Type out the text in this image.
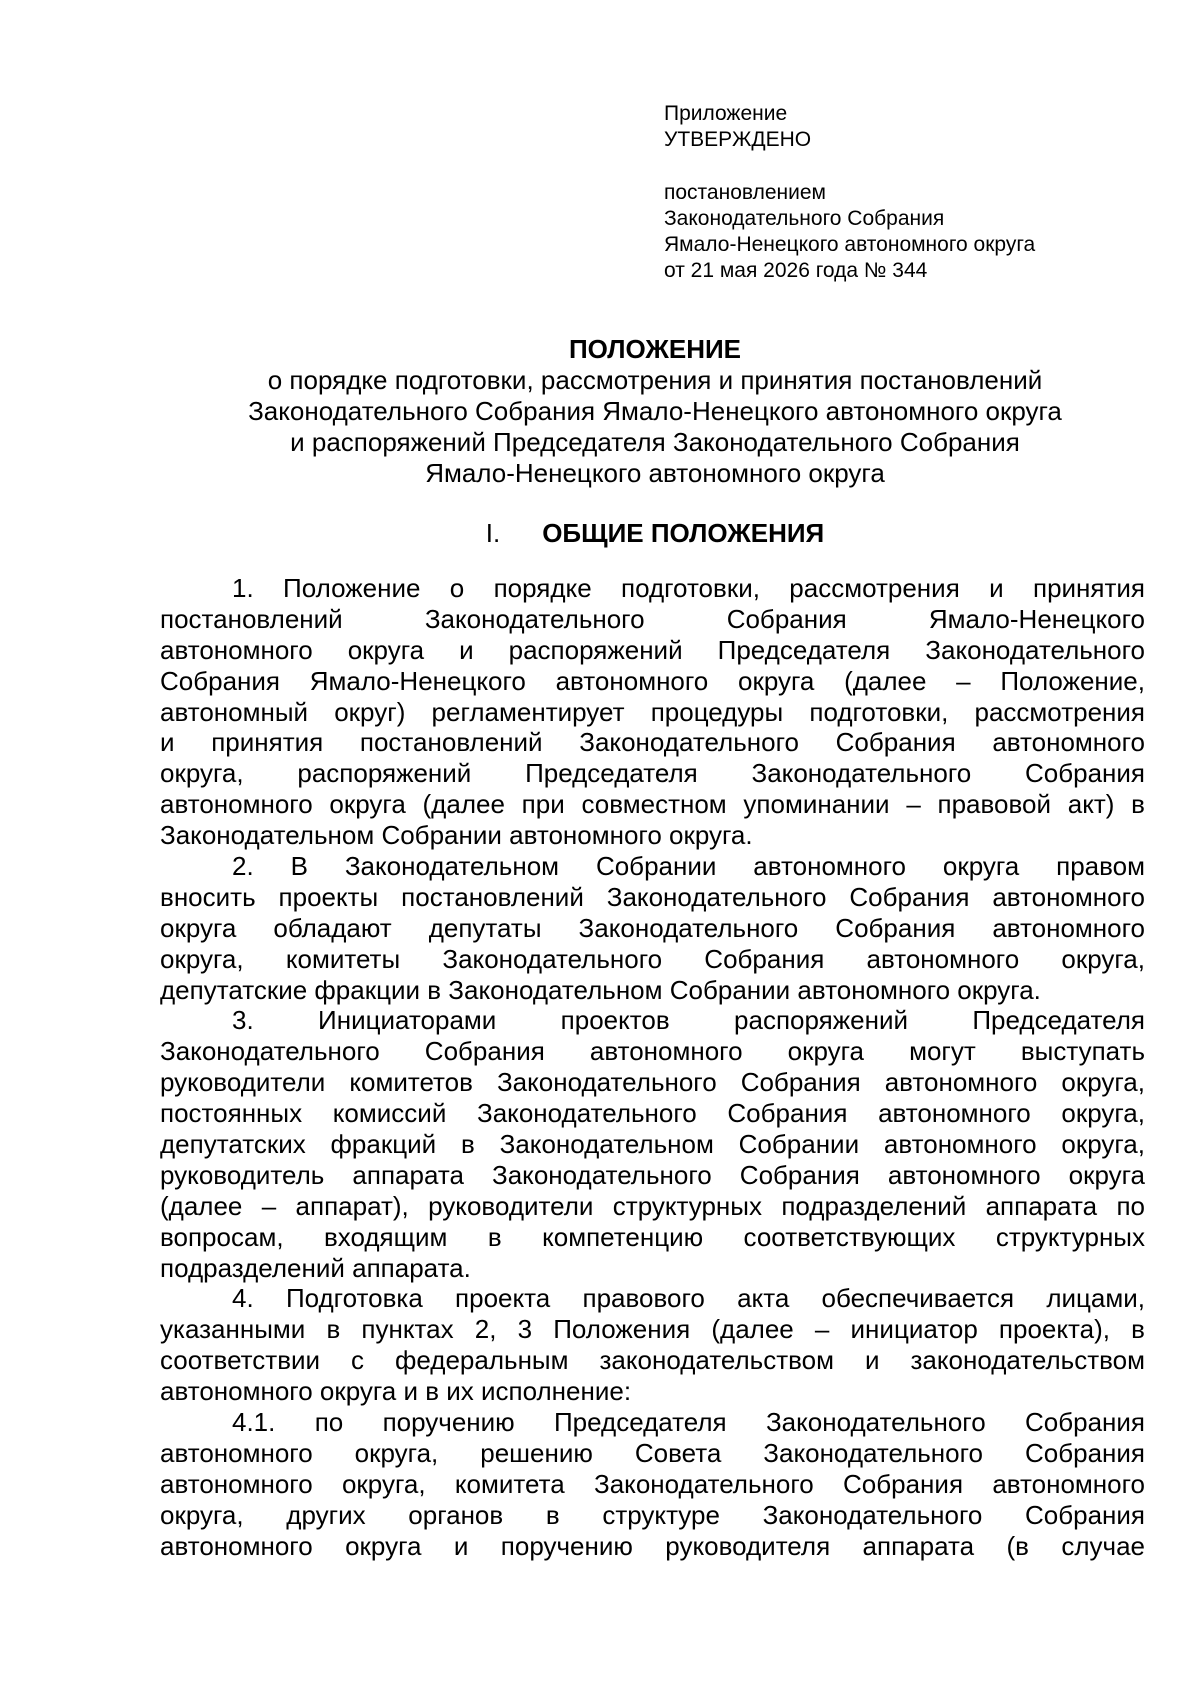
Приложение
УТВЕРЖДЕНО
постановлением
Законодательного Собрания
Ямало-Ненецкого автономного округа
от 21 мая 2026 года № 344
ПОЛОЖЕНИЕ
о порядке подготовки, рассмотрения и принятия постановлений
Законодательного Собрания Ямало-Ненецкого автономного округа
и распоряжений Председателя Законодательного Собрания
Ямало-Ненецкого автономного округа
I. ОБЩИЕ ПОЛОЖЕНИЯ

1. Положение о порядке подготовки, рассмотрения и принятия
постановлений Законодательного Собрания Ямало-Ненецкого
автономного округа и распоряжений Председателя Законодательного
Собрания Ямало-Ненецкого автономного округа (далее – Положение,
автономный округ) регламентирует процедуры подготовки, рассмотрения
и принятия постановлений Законодательного Собрания автономного
округа, распоряжений Председателя Законодательного Собрания
автономного округа (далее при совместном упоминании – правовой акт) в
Законодательном Собрании автономного округа.

2. В Законодательном Собрании автономного округа правом
вносить проекты постановлений Законодательного Собрания автономного
округа обладают депутаты Законодательного Собрания автономного
округа, комитеты Законодательного Собрания автономного округа,
депутатские фракции в Законодательном Собрании автономного округа.

3. Инициаторами проектов распоряжений Председателя
Законодательного Собрания автономного округа могут выступать
руководители комитетов Законодательного Собрания автономного округа,
постоянных комиссий Законодательного Собрания автономного округа,
депутатских фракций в Законодательном Собрании автономного округа,
руководитель аппарата Законодательного Собрания автономного округа
(далее – аппарат), руководители структурных подразделений аппарата по
вопросам, входящим в компетенцию соответствующих структурных
подразделений аппарата.

4. Подготовка проекта правового акта обеспечивается лицами,
указанными в пунктах 2, 3 Положения (далее – инициатор проекта), в
соответствии с федеральным законодательством и законодательством
автономного округа и в их исполнение:

4.1. по поручению Председателя Законодательного Собрания
автономного округа, решению Совета Законодательного Собрания
автономного округа, комитета Законодательного Собрания автономного
округа, других органов в структуре Законодательного Собрания
автономного округа и поручению руководителя аппарата (в случае
